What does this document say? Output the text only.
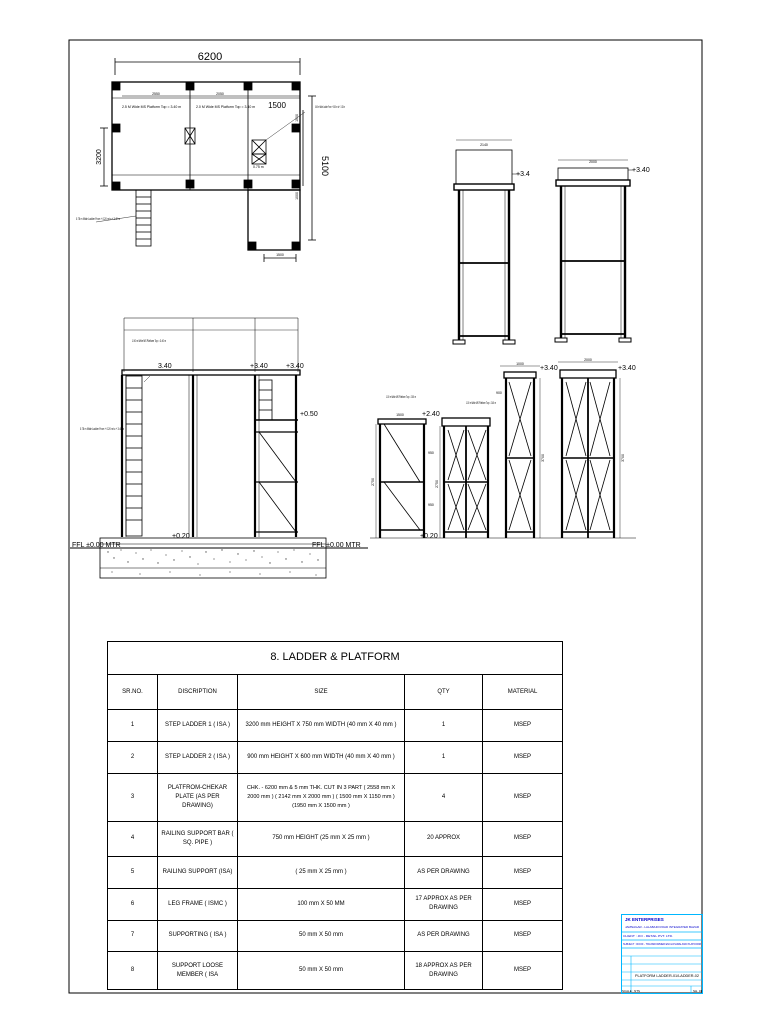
6200
2550	2050
1500
2.5 M Wide MS Platform Top = 3.40 m	2.0 M Wide MS Platform Top = 3.40 m	0.60 m Wide Ladder From + 0.50 m to + 3.20 m
0.75 m Wide Ladder From + 0.20 m to + 3.40 m
3200	5100
1000
1500
1500
0.75 m
2140
+3.4
2000
+3.40
1.50 m Wide MS Platform Top = 3.40 m
0.75 m Wide Ladder From + 0.20 m to + 3.40 m
3.40	+3.40	+3.40
+0.50
+0.20
FFL ±0.00 MTR	FFL ±0.00 MTR
1.00 m Wide MS Platform Top = 2.00 m
1.00 m Wide MS Platform Top = 2.40 m
1500	+2.40
2750
950
950
2750
1000
+3.40
3700
900
2000
+3.40
3700
+0.20
8. LADDER & PLATFORM				
SR.NO.	DISCRIPTION	SIZE	QTY	MATERIAL
1	STEP LADDER 1 ( ISA )	3200 mm HEIGHT X 750 mm WIDTH (40 mm X 40 mm )	1	MSEP
2	STEP LADDER 2 ( ISA )	900 mm HEIGHT X 600 mm WIDTH (40 mm X 40 mm )	1	MSEP
3	PLATFROM-CHEKAR PLATE (AS PER DRAWING)	CHK. - 6200 mm & 5 mm THK. CUT IN 3 PART ( 2558 mm X 2000 mm ) ( 2142 mm X 2000 mm ) ( 1500 mm X 1150 mm ) (1950 mm X 1500 mm )	4	MSEP
4	RAILING SUPPORT BAR ( SQ. PIPE )	750 mm HEIGHT (25 mm X 25 mm )	20 APPROX	MSEP
5	RAILING SUPPORT (ISA)	( 25 mm X 25 mm )	AS PER DRAWING	MSEP
6	LEG FRAME ( ISMC )	100 mm X 50 MM	17 APPROX AS PER DRAWING	MSEP
7	SUPPORTING ( ISA )	50 mm X 50 mm	AS PER DRAWING	MSEP
8	SUPPORT LOOSE MEMBER ( ISA	50 mm X 50 mm	18 APPROX AS PER DRAWING	MSEP
JK ENTERPRISES
JAMNAGAR - LALABADI ROAD INTEGRATED BAZAR
CLIENT : JIO - RETAIL PVT. LTD.
SUBJECT : ROOF - TRANSFORMER ENCLOSURE AND PLATFORM
PLATFORM LADDER-01/LADDER-02
SCALE : NTS	SH. 01
